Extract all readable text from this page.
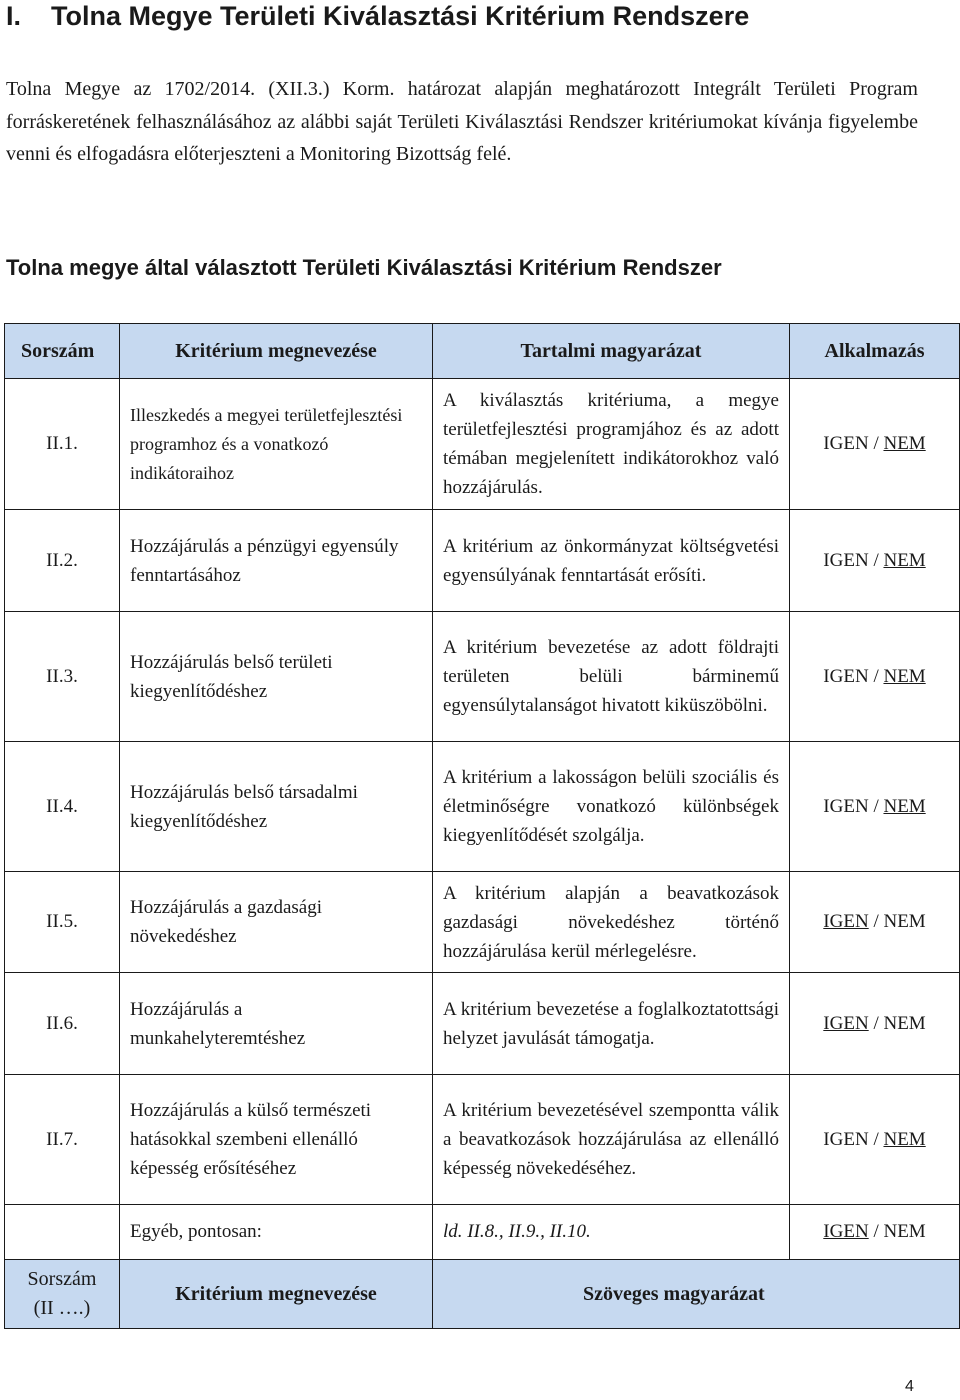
I. Tolna Megye Területi Kiválasztási Kritérium Rendszere

Tolna Megye az 1702/2014. (XII.3.) Korm. határozat alapján meghatározott Integrált Területi Program forráskeretének felhasználásához az alábbi saját Területi Kiválasztási Rendszer kritériumokat kívánja figyelembe venni és elfogadásra előterjeszteni a Monitoring Bizottság felé.

Tolna megye által választott Területi Kiválasztási Kritérium Rendszer
Sorszám	Kritérium megnevezése	Tartalmi magyarázat	Alkalmazás
II.1.	Illeszkedés a megyei területfejlesztési programhoz és a vonatkozó indikátoraihoz	A kiválasztás kritériuma, a megye területfejlesztési programjához és az adott témában megjelenített indikátorokhoz való hozzájárulás.	IGEN / NEM
II.2.	Hozzájárulás a pénzügyi egyensúly fenntartásához	A kritérium az önkormányzat költségvetési egyensúlyának fenntartását erősíti.	IGEN / NEM
II.3.	Hozzájárulás belső területi kiegyenlítődéshez	A kritérium bevezetése az adott földrajti területen belüli bárminemű egyensúlytalanságot hivatott kiküszöbölni.	IGEN / NEM
II.4.	Hozzájárulás belső társadalmi kiegyenlítődéshez	A kritérium a lakosságon belüli szociális és életminőségre vonatkozó különbségek kiegyenlítődését szolgálja.	IGEN / NEM
II.5.	Hozzájárulás a gazdasági növekedéshez	A kritérium alapján a beavatkozások gazdasági növekedéshez történő hozzájárulása kerül mérlegelésre.	IGEN / NEM
II.6.	Hozzájárulás a munkahelyteremtéshez	A kritérium bevezetése a foglalkoztatottsági helyzet javulását támogatja.	IGEN / NEM
II.7.	Hozzájárulás a külső természeti hatásokkal szembeni ellenálló képesség erősítéséhez	A kritérium bevezetésével szempontta válik a beavatkozások hozzájárulása az ellenálló képesség növekedéséhez.	IGEN / NEM
	Egyéb, pontosan:	ld. II.8., II.9., II.10.	IGEN / NEM
Sorszám
(II ….)	Kritérium megnevezése	Szöveges magyarázat	
4
